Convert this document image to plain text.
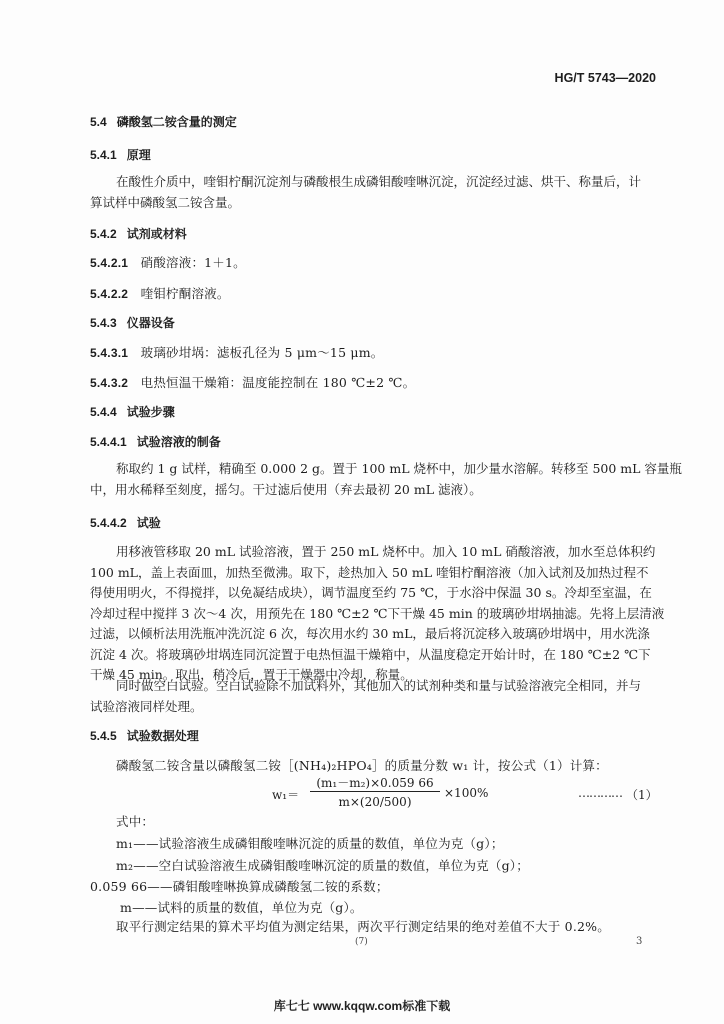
HG/T 5743—2020
5.4 磷酸氢二铵含量的测定
5.4.1 原理
在酸性介质中，喹钼柠酮沉淀剂与磷酸根生成磷钼酸喹啉沉淀，沉淀经过滤、烘干、称量后，计
算试样中磷酸氢二铵含量。
5.4.2 试剂或材料
5.4.2.1 硝酸溶液：1＋1。
5.4.2.2 喹钼柠酮溶液。
5.4.3 仪器设备
5.4.3.1 玻璃砂坩埚：滤板孔径为 5 μm～15 μm。
5.4.3.2 电热恒温干燥箱：温度能控制在 180 ℃±2 ℃。
5.4.4 试验步骤
5.4.4.1 试验溶液的制备
称取约 1 g 试样，精确至 0.000 2 g。置于 100 mL 烧杯中，加少量水溶解。转移至 500 mL 容量瓶
中，用水稀释至刻度，摇匀。干过滤后使用（弃去最初 20 mL 滤液）。
5.4.4.2 试验
用移液管移取 20 mL 试验溶液，置于 250 mL 烧杯中。加入 10 mL 硝酸溶液，加水至总体积约
100 mL，盖上表面皿，加热至微沸。取下，趁热加入 50 mL 喹钼柠酮溶液（加入试剂及加热过程不
得使用明火，不得搅拌，以免凝结成块），调节温度至约 75 ℃，于水浴中保温 30 s。冷却至室温，在
冷却过程中搅拌 3 次～4 次，用预先在 180 ℃±2 ℃下干燥 45 min 的玻璃砂坩埚抽滤。先将上层清液
过滤，以倾析法用洗瓶冲洗沉淀 6 次，每次用水约 30 mL，最后将沉淀移入玻璃砂坩埚中，用水洗涤
沉淀 4 次。将玻璃砂坩埚连同沉淀置于电热恒温干燥箱中，从温度稳定开始计时，在 180 ℃±2 ℃下
干燥 45 min。取出，稍冷后，置于干燥器中冷却，称量。
同时做空白试验。空白试验除不加试料外，其他加入的试剂种类和量与试验溶液完全相同，并与
试验溶液同样处理。
5.4.5 试验数据处理
磷酸氢二铵含量以磷酸氢二铵［(NH₄)₂HPO₄］的质量分数 w₁ 计，按公式（1）计算：
w₁＝
(m₁－m₂)×0.059 66
m×(20/500)
×100%	………… （1）
式中：
m₁——试验溶液生成磷钼酸喹啉沉淀的质量的数值，单位为克（g）；
m₂——空白试验溶液生成磷钼酸喹啉沉淀的质量的数值，单位为克（g）；
0.059 66——磷钼酸喹啉换算成磷酸氢二铵的系数；
m——试料的质量的数值，单位为克（g）。
取平行测定结果的算术平均值为测定结果，两次平行测定结果的绝对差值不大于 0.2%。
(7)	3
库七七 www.kqqw.com标准下载
